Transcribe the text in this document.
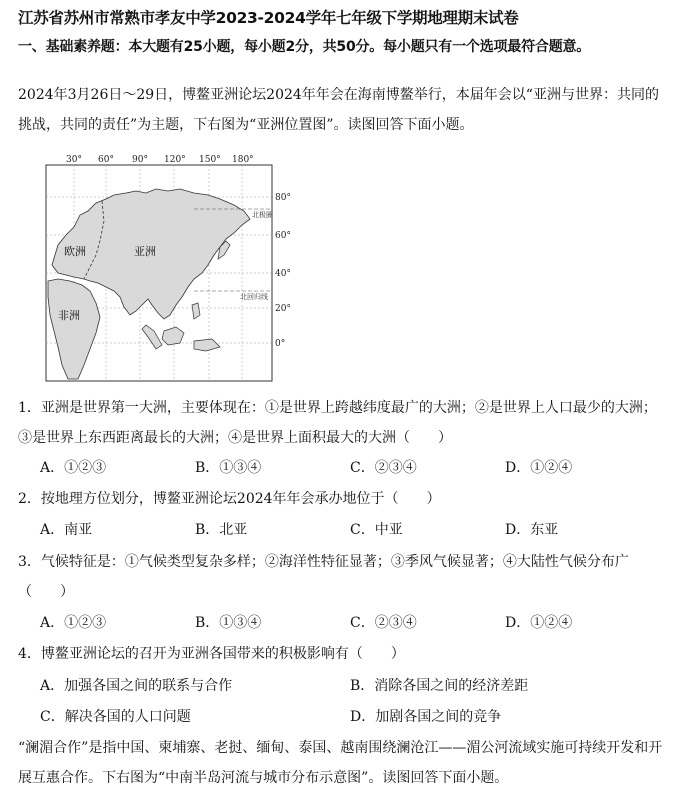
江苏省苏州市常熟市孝友中学2023-2024学年七年级下学期地理期末试卷
一、基础素养题：本大题有25小题，每小题2分，共50分。每小题只有一个选项最符合题意。
2024年3月26日～29日，博鳌亚洲论坛2024年年会在海南博鳌举行，本届年会以“亚洲与世界：共同的挑战，共同的责任”为主题，下右图为“亚洲位置图”。读图回答下面小题。
30° 60° 90° 120° 150° 180°
80°
60°
40°
20°
0°
欧洲	亚洲
非洲
北极圈
北回归线
1．亚洲是世界第一大洲，主要体现在：①是世界上跨越纬度最广的大洲；②是世界上人口最少的大洲；③是世界上东西距离最长的大洲；④是世界上面积最大的大洲（　　）
A．①②③	B．①③④	C．②③④	D．①②④
2．按地理方位划分，博鳌亚洲论坛2024年年会承办地位于（　　）
A．南亚	B．北亚	C．中亚	D．东亚
3．气候特征是：①气候类型复杂多样；②海洋性特征显著；③季风气候显著；④大陆性气候分布广（　　）
A．①②③	B．①③④	C．②③④	D．①②④
4．博鳌亚洲论坛的召开为亚洲各国带来的积极影响有（　　）
A．加强各国之间的联系与合作	B．消除各国之间的经济差距
C．解决各国的人口问题	D．加剧各国之间的竞争
“澜湄合作”是指中国、柬埔寨、老挝、缅甸、泰国、越南围绕澜沧江——湄公河流域实施可持续开发和开展互惠合作。下右图为“中南半岛河流与城市分布示意图”。读图回答下面小题。
